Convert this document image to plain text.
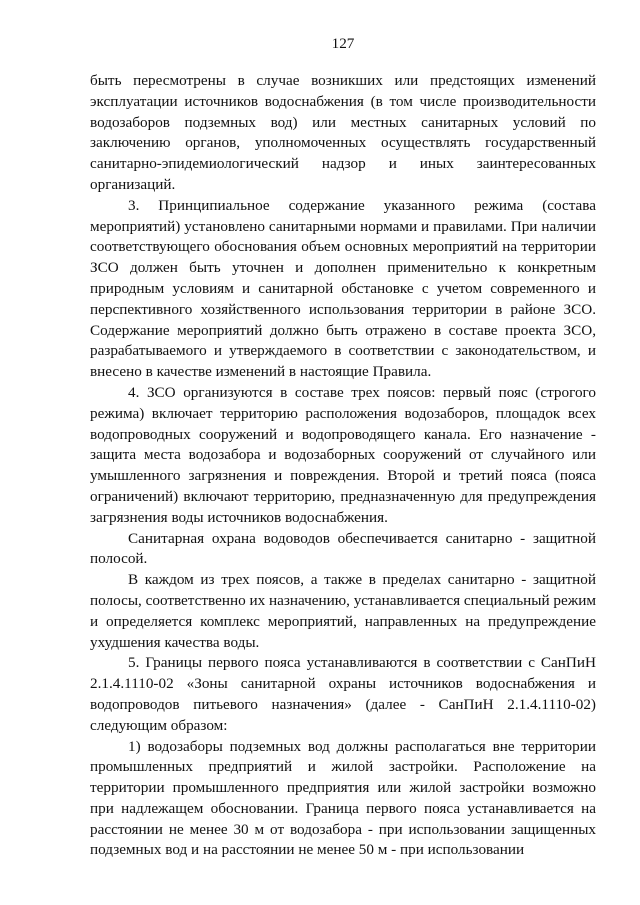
127

быть пересмотрены в случае возникших или предстоящих изменений эксплуатации источников водоснабжения (в том числе производительности водозаборов подземных вод) или местных санитарных условий по заключению органов, уполномоченных осуществлять государственный санитарно-эпидемиологический надзор и иных заинтересованных организаций.

3. Принципиальное содержание указанного режима (состава мероприятий) установлено санитарными нормами и правилами. При наличии соответствующего обоснования объем основных мероприятий на территории ЗСО должен быть уточнен и дополнен применительно к конкретным природным условиям и санитарной обстановке с учетом современного и перспективного хозяйственного использования территории в районе ЗСО. Содержание мероприятий должно быть отражено в составе проекта ЗСО, разрабатываемого и утверждаемого в соответствии с законодательством, и внесено в качестве изменений в настоящие Правила.

4. ЗСО организуются в составе трех поясов: первый пояс (строгого режима) включает территорию расположения водозаборов, площадок всех водопроводных сооружений и водопроводящего канала. Его назначение - защита места водозабора и водозаборных сооружений от случайного или умышленного загрязнения и повреждения. Второй и третий пояса (пояса ограничений) включают территорию, предназначенную для предупреждения загрязнения воды источников водоснабжения.

Санитарная охрана водоводов обеспечивается санитарно - защитной полосой.

В каждом из трех поясов, а также в пределах санитарно - защитной полосы, соответственно их назначению, устанавливается специальный режим и определяется комплекс мероприятий, направленных на предупреждение ухудшения качества воды.

5. Границы первого пояса устанавливаются в соответствии с СанПиН 2.1.4.1110-02 «Зоны санитарной охраны источников водоснабжения и водопроводов питьевого назначения» (далее - СанПиН 2.1.4.1110-02) следующим образом:

1) водозаборы подземных вод должны располагаться вне территории промышленных предприятий и жилой застройки. Расположение на территории промышленного предприятия или жилой застройки возможно при надлежащем обосновании. Граница первого пояса устанавливается на расстоянии не менее 30 м от водозабора - при использовании защищенных подземных вод и на расстоянии не менее 50 м - при использовании
